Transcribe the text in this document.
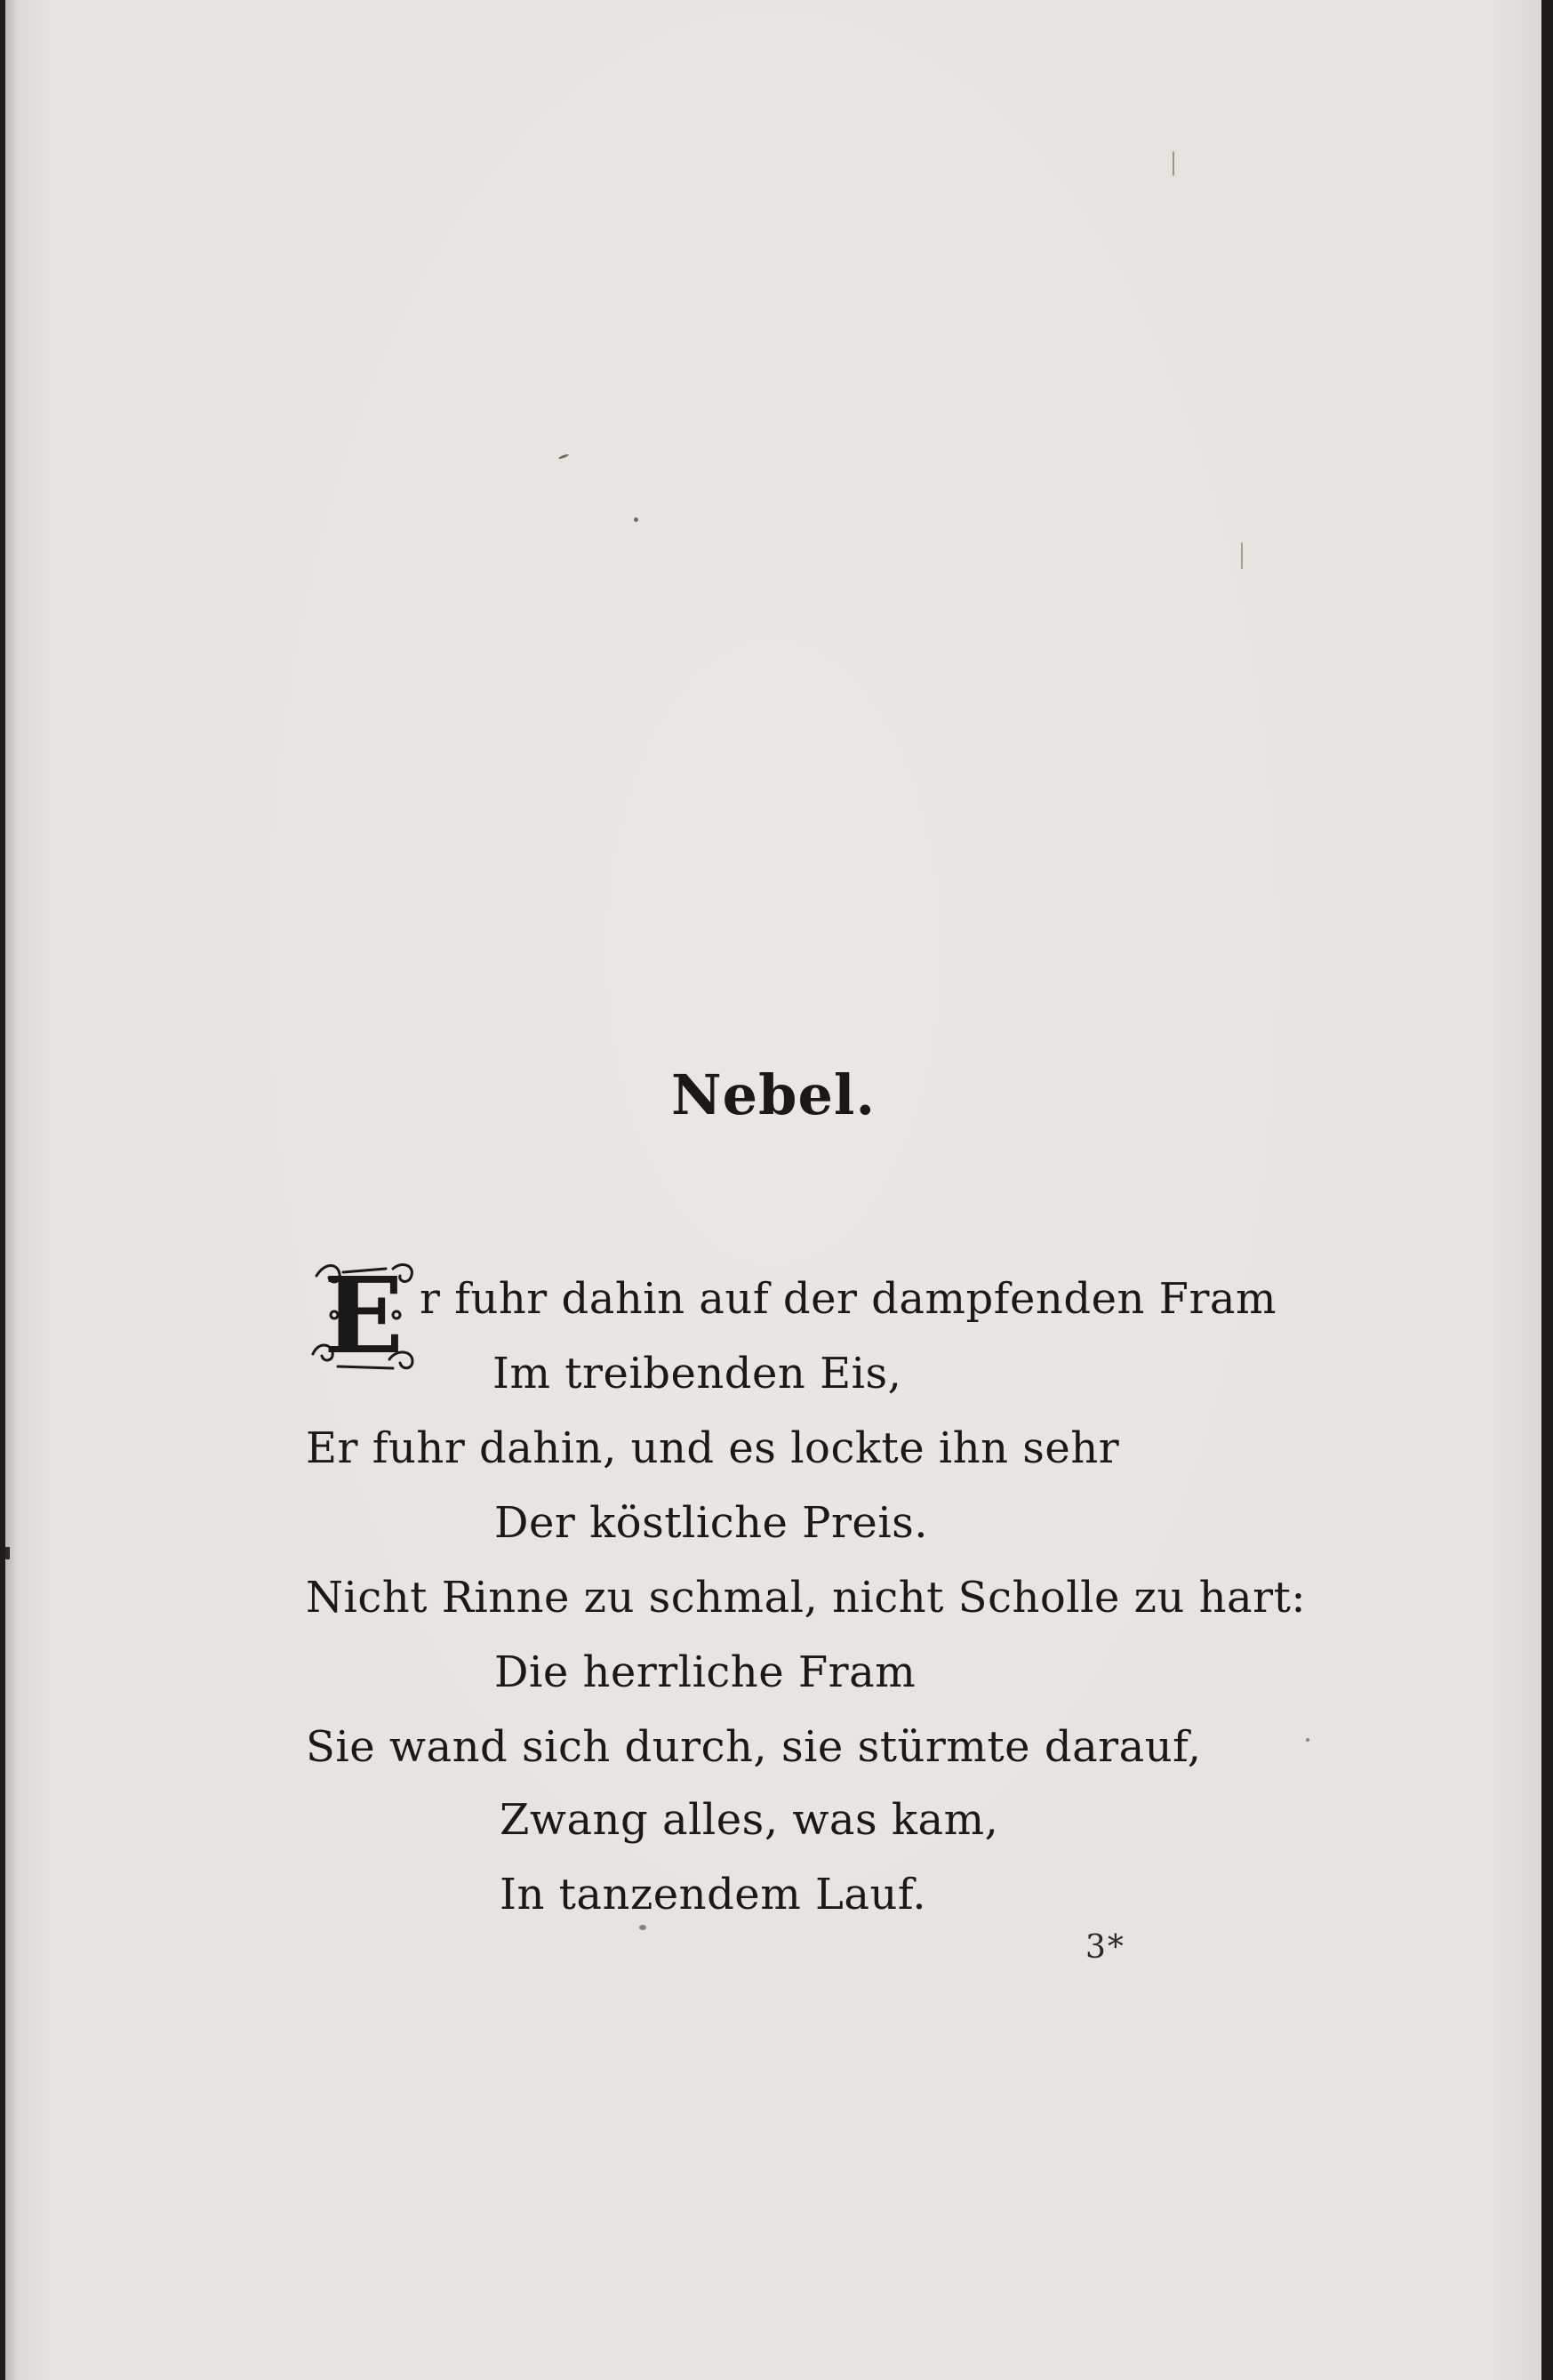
Nebel.
E r fuhr dahin auf der dampfenden Fram
Im treibenden Eis,
Er fuhr dahin, und es lockte ihn sehr
Der köstliche Preis.
Nicht Rinne zu schmal, nicht Scholle zu hart:
Die herrliche Fram
Sie wand sich durch, sie stürmte darauf,
Zwang alles, was kam,
In tanzendem Lauf.
3*
